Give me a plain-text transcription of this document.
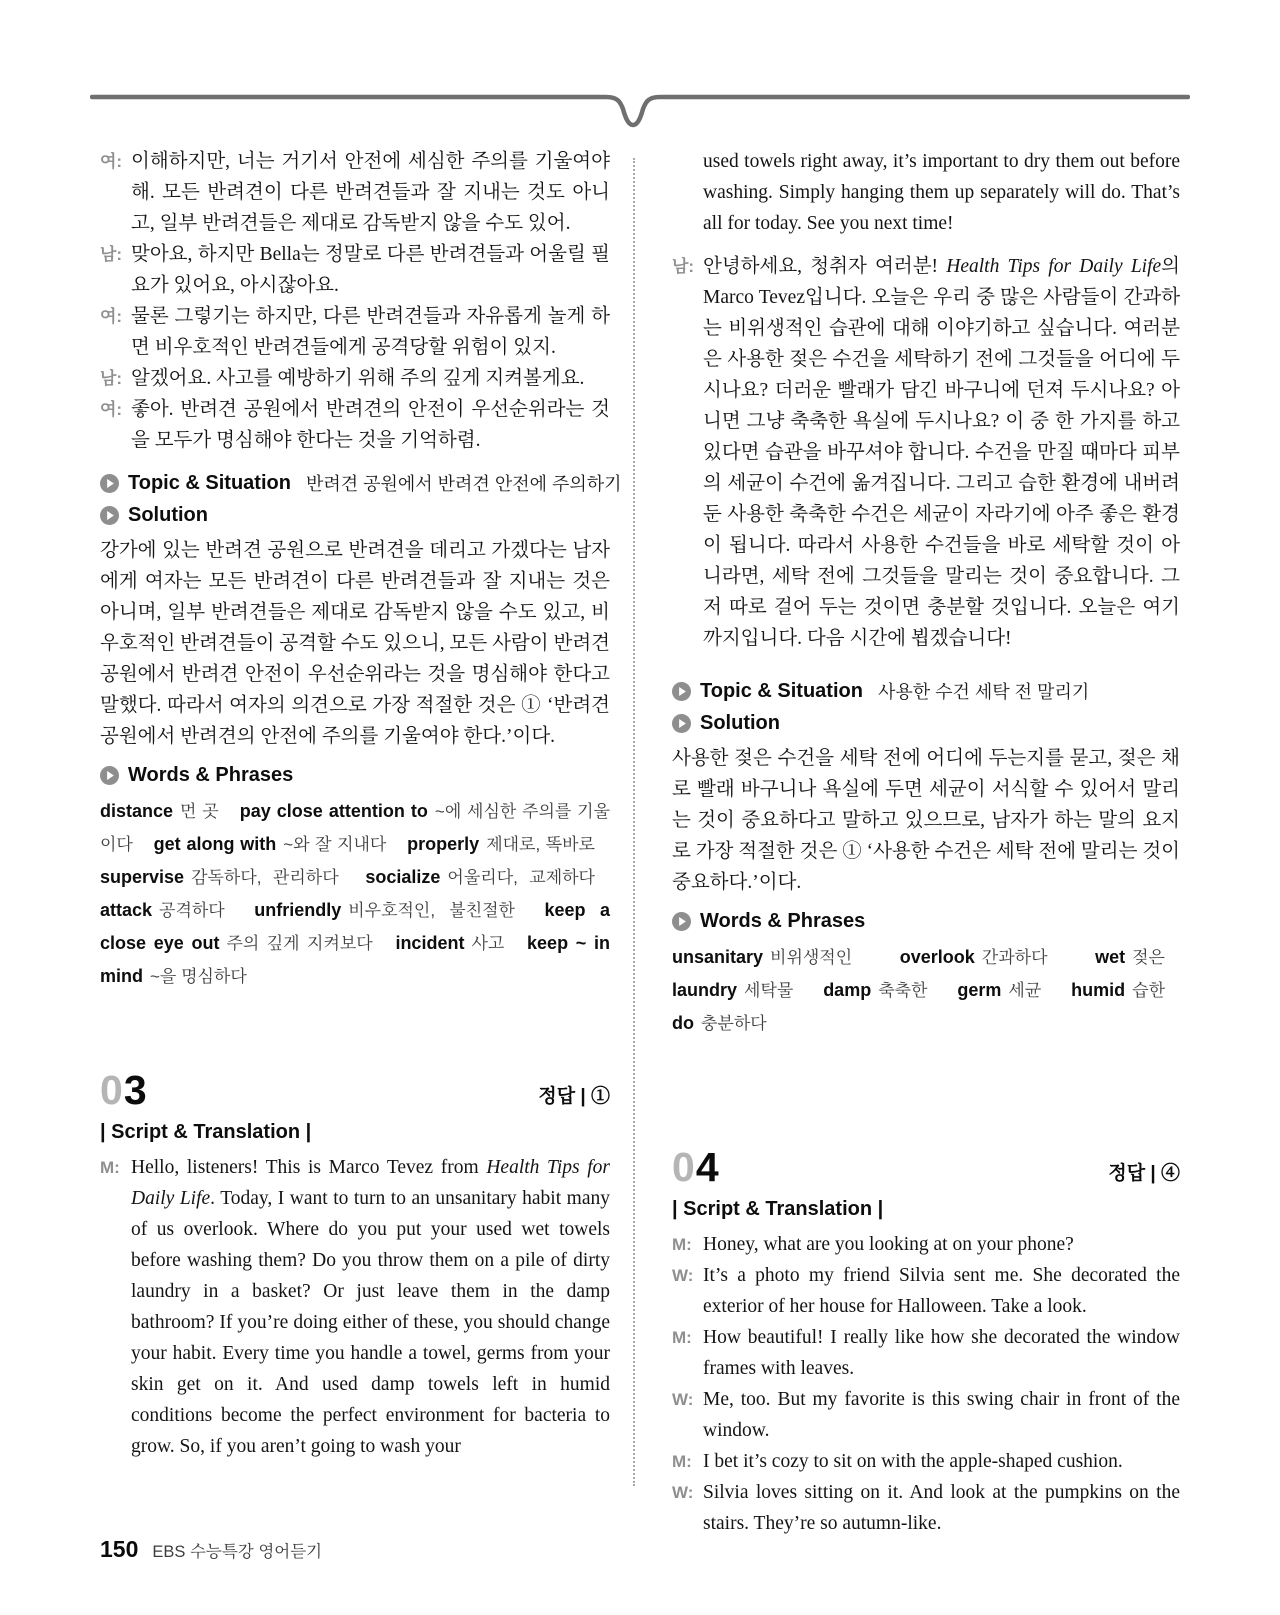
여: 이해하지만, 너는 거기서 안전에 세심한 주의를 기울여야 해. 모든 반려견이 다른 반려견들과 잘 지내는 것도 아니고, 일부 반려견들은 제대로 감독받지 않을 수도 있어.
남: 맞아요, 하지만 Bella는 정말로 다른 반려견들과 어울릴 필요가 있어요, 아시잖아요.
여: 물론 그렇기는 하지만, 다른 반려견들과 자유롭게 놀게 하면 비우호적인 반려견들에게 공격당할 위험이 있지.
남: 알겠어요. 사고를 예방하기 위해 주의 깊게 지켜볼게요.
여: 좋아. 반려견 공원에서 반려견의 안전이 우선순위라는 것을 모두가 명심해야 한다는 것을 기억하렴.
Topic & Situation 반려견 공원에서 반려견 안전에 주의하기
Solution

강가에 있는 반려견 공원으로 반려견을 데리고 가겠다는 남자에게 여자는 모든 반려견이 다른 반려견들과 잘 지내는 것은 아니며, 일부 반려견들은 제대로 감독받지 않을 수도 있고, 비우호적인 반려견들이 공격할 수도 있으니, 모든 사람이 반려견 공원에서 반려견 안전이 우선순위라는 것을 명심해야 한다고 말했다. 따라서 여자의 의견으로 가장 적절한 것은 ① ‘반려견 공원에서 반려견의 안전에 주의를 기울여야 한다.’이다.

Words & Phrases

distance 먼 곳 pay close attention to ~에 세심한 주의를 기울이다 get along with ~와 잘 지내다 properly 제대로, 똑바로 supervise 감독하다, 관리하다 socialize 어울리다, 교제하다 attack 공격하다 unfriendly 비우호적인, 불친절한 keep a close eye out 주의 깊게 지켜보다 incident 사고 keep ~ in mind ~을 명심하다

03	정답 | ①
| Script & Translation |
M: Hello, listeners! This is Marco Tevez from Health Tips for Daily Life. Today, I want to turn to an unsanitary habit many of us overlook. Where do you put your used wet towels before washing them? Do you throw them on a pile of dirty laundry in a basket? Or just leave them in the damp bathroom? If you’re doing either of these, you should change your habit. Every time you handle a towel, germs from your skin get on it. And used damp towels left in humid conditions become the perfect environment for bacteria to grow. So, if you aren’t going to wash your
used towels right away, it’s important to dry them out before washing. Simply hanging them up separately will do. That’s all for today. See you next time!
남: 안녕하세요, 청취자 여러분! Health Tips for Daily Life의 Marco Tevez입니다. 오늘은 우리 중 많은 사람들이 간과하는 비위생적인 습관에 대해 이야기하고 싶습니다. 여러분은 사용한 젖은 수건을 세탁하기 전에 그것들을 어디에 두시나요? 더러운 빨래가 담긴 바구니에 던져 두시나요? 아니면 그냥 축축한 욕실에 두시나요? 이 중 한 가지를 하고 있다면 습관을 바꾸셔야 합니다. 수건을 만질 때마다 피부의 세균이 수건에 옮겨집니다. 그리고 습한 환경에 내버려둔 사용한 축축한 수건은 세균이 자라기에 아주 좋은 환경이 됩니다. 따라서 사용한 수건들을 바로 세탁할 것이 아니라면, 세탁 전에 그것들을 말리는 것이 중요합니다. 그저 따로 걸어 두는 것이면 충분할 것입니다. 오늘은 여기까지입니다. 다음 시간에 뵙겠습니다!
Topic & Situation 사용한 수건 세탁 전 말리기
Solution

사용한 젖은 수건을 세탁 전에 어디에 두는지를 묻고, 젖은 채로 빨래 바구니나 욕실에 두면 세균이 서식할 수 있어서 말리는 것이 중요하다고 말하고 있으므로, 남자가 하는 말의 요지로 가장 적절한 것은 ① ‘사용한 수건은 세탁 전에 말리는 것이 중요하다.’이다.

Words & Phrases

unsanitary 비위생적인	overlook 간과하다	wet 젖은 laundry 세탁물 damp 축축한 germ 세균 humid 습한 do 충분하다

04	정답 | ④
| Script & Translation |
M: Honey, what are you looking at on your phone?
W: It’s a photo my friend Silvia sent me. She decorated the exterior of her house for Halloween. Take a look.
M: How beautiful! I really like how she decorated the window frames with leaves.
W: Me, too. But my favorite is this swing chair in front of the window.
M: I bet it’s cozy to sit on with the apple-shaped cushion.
W: Silvia loves sitting on it. And look at the pumpkins on the stairs. They’re so autumn-like.
150 EBS 수능특강 영어듣기
